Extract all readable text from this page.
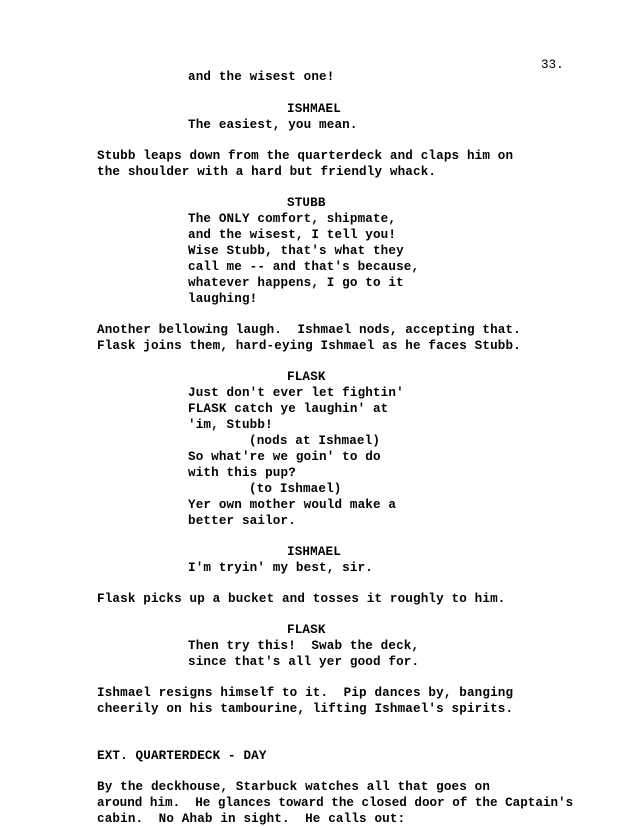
33.
and the wisest one!
ISHMAEL
The easiest, you mean.
Stubb leaps down from the quarterdeck and claps him on
the shoulder with a hard but friendly whack.
STUBB
The ONLY comfort, shipmate,
and the wisest, I tell you!
Wise Stubb, that's what they
call me -- and that's because,
whatever happens, I go to it
laughing!
Another bellowing laugh.  Ishmael nods, accepting that.
Flask joins them, hard-eying Ishmael as he faces Stubb.
FLASK
Just don't ever let fightin'
FLASK catch ye laughin' at
'im, Stubb!
(nods at Ishmael)
So what're we goin' to do
with this pup?
(to Ishmael)
Yer own mother would make a
better sailor.
ISHMAEL
I'm tryin' my best, sir.
Flask picks up a bucket and tosses it roughly to him.
FLASK
Then try this!  Swab the deck,
since that's all yer good for.
Ishmael resigns himself to it.  Pip dances by, banging
cheerily on his tambourine, lifting Ishmael's spirits.
EXT. QUARTERDECK - DAY
By the deckhouse, Starbuck watches all that goes on
around him.  He glances toward the closed door of the Captain's
cabin.  No Ahab in sight.  He calls out:
